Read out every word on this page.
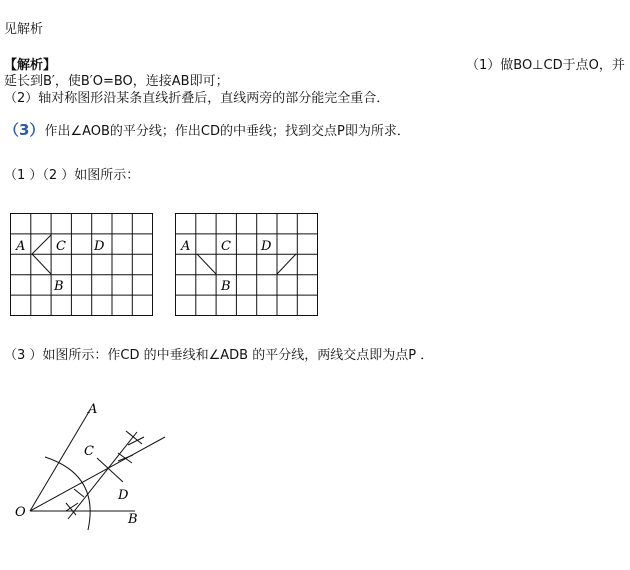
见解析
【解析】	（1）做BO⊥CD于点O，并
延长到B′，使B′O=BO，连接AB即可；
（2）轴对称图形沿某条直线折叠后，直线两旁的部分能完全重合．
（3）作出∠AOB的平分线；作出CD的中垂线；找到交点P即为所求．
（1 ）（2 ）如图所示：
A C D
B
A C D
B
（3 ）如图所示：作CD 的中垂线和∠ADB 的平分线，两线交点即为点P ．
A
C
D
O	B
